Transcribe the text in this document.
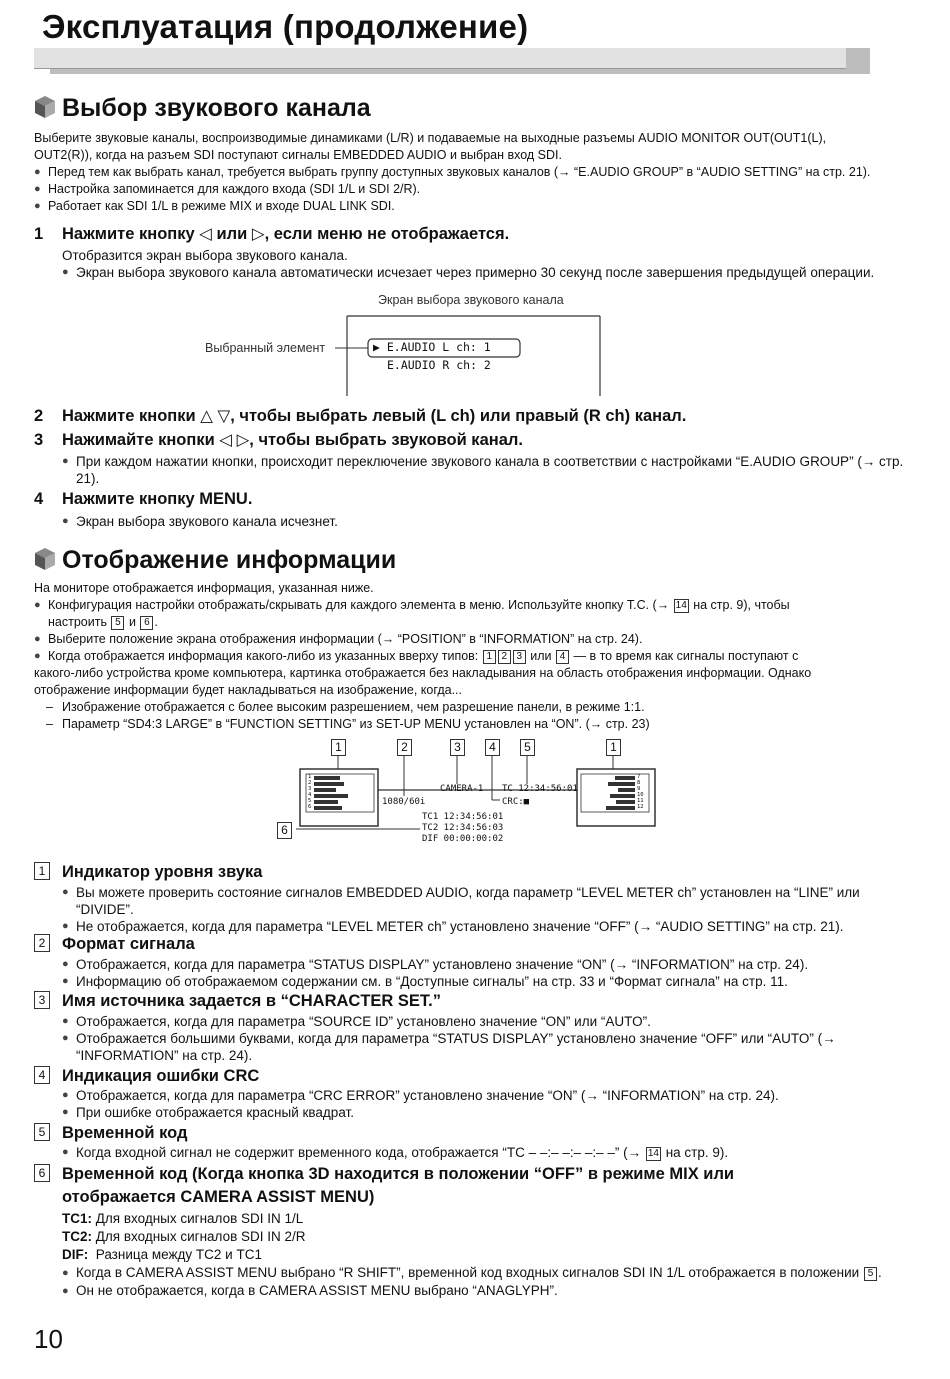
Эксплуатация (продолжение)
Выбор звукового канала
Выберите звуковые каналы, воспроизводимые динамиками (L/R) и подаваемые на выходные разъемы AUDIO MONITOR OUT(OUT1(L),
OUT2(R)), когда на разъем SDI поступают сигналы EMBEDDED AUDIO и выбран вход SDI.
● Перед тем как выбрать канал, требуется выбрать группу доступных звуковых каналов (→ “E.AUDIO GROUP” в “AUDIO SETTING” на стр. 21).
● Настройка запоминается для каждого входа (SDI 1/L и SDI 2/R).
● Работает как SDI 1/L в режиме MIX и входе DUAL LINK SDI.
1 Нажмите кнопку ◁ или ▷, если меню не отображается.
Отобразится экран выбора звукового канала.
● Экран выбора звукового канала автоматически исчезает через примерно 30 секунд после завершения предыдущей операции.
Экран выбора звукового канала
Выбранный элемент	▶ E.AUDIO L ch: 1
E.AUDIO R ch: 2
2 Нажмите кнопки △ ▽, чтобы выбрать левый (L ch) или правый (R ch) канал.
3 Нажимайте кнопки ◁ ▷, чтобы выбрать звуковой канал.
● При каждом нажатии кнопки, происходит переключение звукового канала в соответствии с настройками “E.AUDIO GROUP” (→ стр. 21).
4 Нажмите кнопку MENU.
● Экран выбора звукового канала исчезнет.
Отображение информации
На мониторе отображается информация, указанная ниже.
● Конфигурация настройки отображать/скрывать для каждого элемента в меню. Используйте кнопку T.C. (→ 14 на стр. 9), чтобы
настроить 5 и 6 .
● Выберите положение экрана отображения информации (→ “POSITION” в “INFORMATION” на стр. 24).
● Когда отображается информация какого-либо из указанных вверху типов: 1 2 3 или 4 — в то время как сигналы поступают с
какого-либо устройства кроме компьютера, картинка отображается без накладывания на область отображения информации. Однако
отображение информации будет накладываться на изображение, когда...
– Изображение отображается с более высоким разрешением, чем разрешение панели, в режиме 1:1.
– Параметр “SD4:3 LARGE” в “FUNCTION SETTING” из SET-UP MENU установлен на “ON”. (→ стр. 23)
1	2	3	4	5	1
6
1
2
3
4
5
6
7
8
9
10
11
12
1080/60i
CAMERA-1 TC 12:34:56:01
CRC:■
TC1 12:34:56:01
TC2 12:34:56:03
DIF 00:00:00:02
1 Индикатор уровня звука
● Вы можете проверить состояние сигналов EMBEDDED AUDIO, когда параметр “LEVEL METER ch” установлен на “LINE” или “DIVIDE”.
● Не отображается, когда для параметра “LEVEL METER ch” установлено значение “OFF” (→ “AUDIO SETTING” на стр. 21).
2 Формат сигнала
● Отображается, когда для параметра “STATUS DISPLAY” установлено значение “ON” (→ “INFORMATION” на стр. 24).
● Информацию об отображаемом содержании см. в “Доступные сигналы” на стр. 33 и “Формат сигнала” на стр. 11.
3 Имя источника задается в “CHARACTER SET.”
● Отображается, когда для параметра “SOURCE ID” установлено значение “ON” или “AUTO”.
● Отображается большими буквами, когда для параметра “STATUS DISPLAY” установлено значение “OFF” или “AUTO” (→ “INFORMATION” на стр. 24).
4 Индикация ошибки CRC
● Отображается, когда для параметра “CRC ERROR” установлено значение “ON” (→ “INFORMATION” на стр. 24).
● При ошибке отображается красный квадрат.
5 Временной код
● Когда входной сигнал не содержит временного кода, отображается “TC – –:– –:– –:– –” (→ 14 на стр. 9).
6 Временной код (Когда кнопка 3D находится в положении “OFF” в режиме MIX или
отображается CAMERA ASSIST MENU)
TC1: Для входных сигналов SDI IN 1/L
TC2: Для входных сигналов SDI IN 2/R
DIF: Разница между TC2 и TC1
● Когда в CAMERA ASSIST MENU выбрано “R SHIFT”, временной код входных сигналов SDI IN 1/L отображается в положении 5 .
● Он не отображается, когда в CAMERA ASSIST MENU выбрано “ANAGLYPH”.
10
